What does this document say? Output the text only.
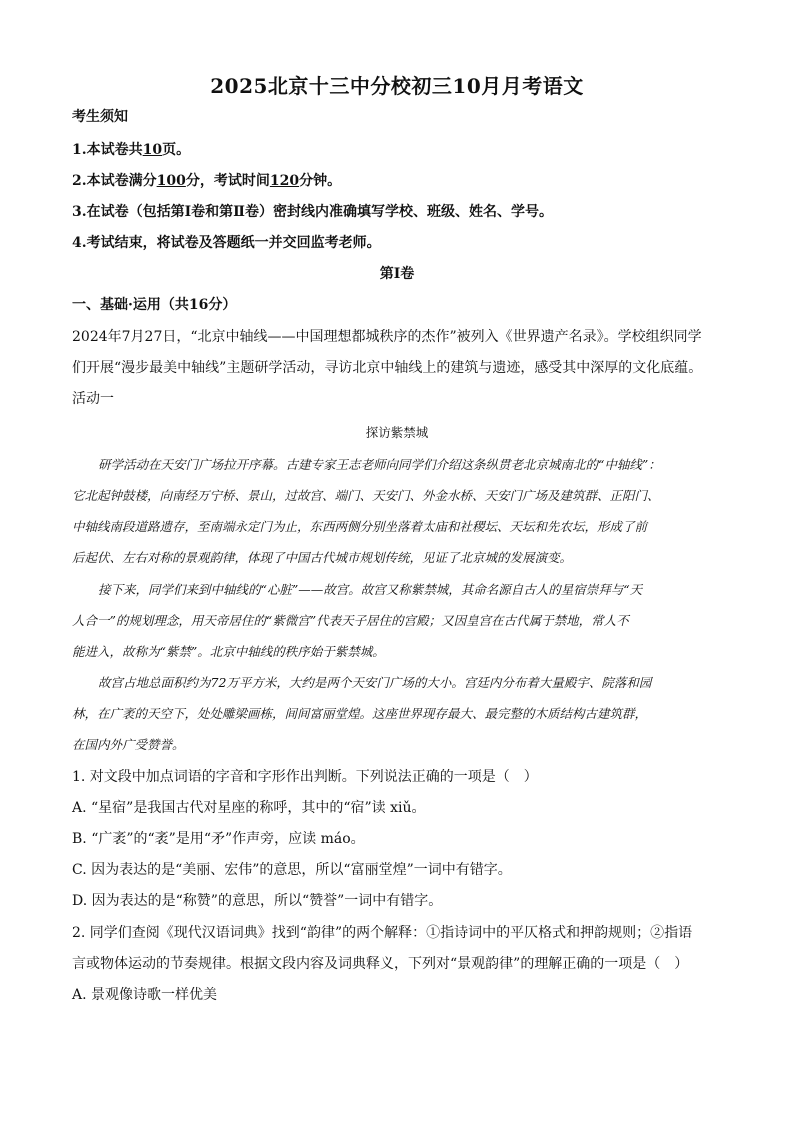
2025北京十三中分校初三10月月考语文
考生须知
1.本试卷共10页。
2.本试卷满分100分，考试时间120分钟。
3.在试卷（包括第Ⅰ卷和第Ⅱ卷）密封线内准确填写学校、班级、姓名、学号。
4.考试结束，将试卷及答题纸一并交回监考老师。
第Ⅰ卷
一、基础·运用（共16分）
2024年7月27日，“北京中轴线——中国理想都城秩序的杰作”被列入《世界遗产名录》。学校组织同学
们开展“漫步最美中轴线”主题研学活动，寻访北京中轴线上的建筑与遗迹，感受其中深厚的文化底蕴。
活动一
探访紫禁城
研学活动在天安门广场拉开序幕。古建专家王志老师向同学们介绍这条纵贯老北京城南北的“中轴线”：
它北起钟鼓楼，向南经万宁桥、景山，过故宫、端门、天安门、外金水桥、天安门广场及建筑群、正阳门、
中轴线南段道路遗存，至南端永定门为止，东西两侧分别坐落着太庙和社稷坛、天坛和先农坛，形成了前
后起伏、左右对称的景观韵律，体现了中国古代城市规划传统，见证了北京城的发展演变。
接下来，同学们来到中轴线的“心脏”——故宫。故宫又称紫禁城，其命名源自古人的星宿崇拜与“天
人合一”的规划理念，用天帝居住的“紫微宫”代表天子居住的宫殿；又因皇宫在古代属于禁地，常人不
能进入，故称为“紫禁”。北京中轴线的秩序始于紫禁城。
故宫占地总面积约为72万平方米，大约是两个天安门广场的大小。宫廷内分布着大量殿宇、院落和园
林，在广袤的天空下，处处雕梁画栋，间间富丽堂煌。这座世界现存最大、最完整的木质结构古建筑群，
在国内外广受赞誉。
1. 对文段中加点词语的字音和字形作出判断。下列说法正确的一项是（　）
A. “星宿”是我国古代对星座的称呼，其中的“宿”读 xiǔ。
B. “广袤”的“袤”是用“矛”作声旁，应读 máo。
C. 因为表达的是“美丽、宏伟”的意思，所以“富丽堂煌”一词中有错字。
D. 因为表达的是“称赞”的意思，所以“赞誉”一词中有错字。
2. 同学们查阅《现代汉语词典》找到“韵律”的两个解释：①指诗词中的平仄格式和押韵规则；②指语
言或物体运动的节奏规律。根据文段内容及词典释义，下列对“景观韵律”的理解正确的一项是（　）
A. 景观像诗歌一样优美
